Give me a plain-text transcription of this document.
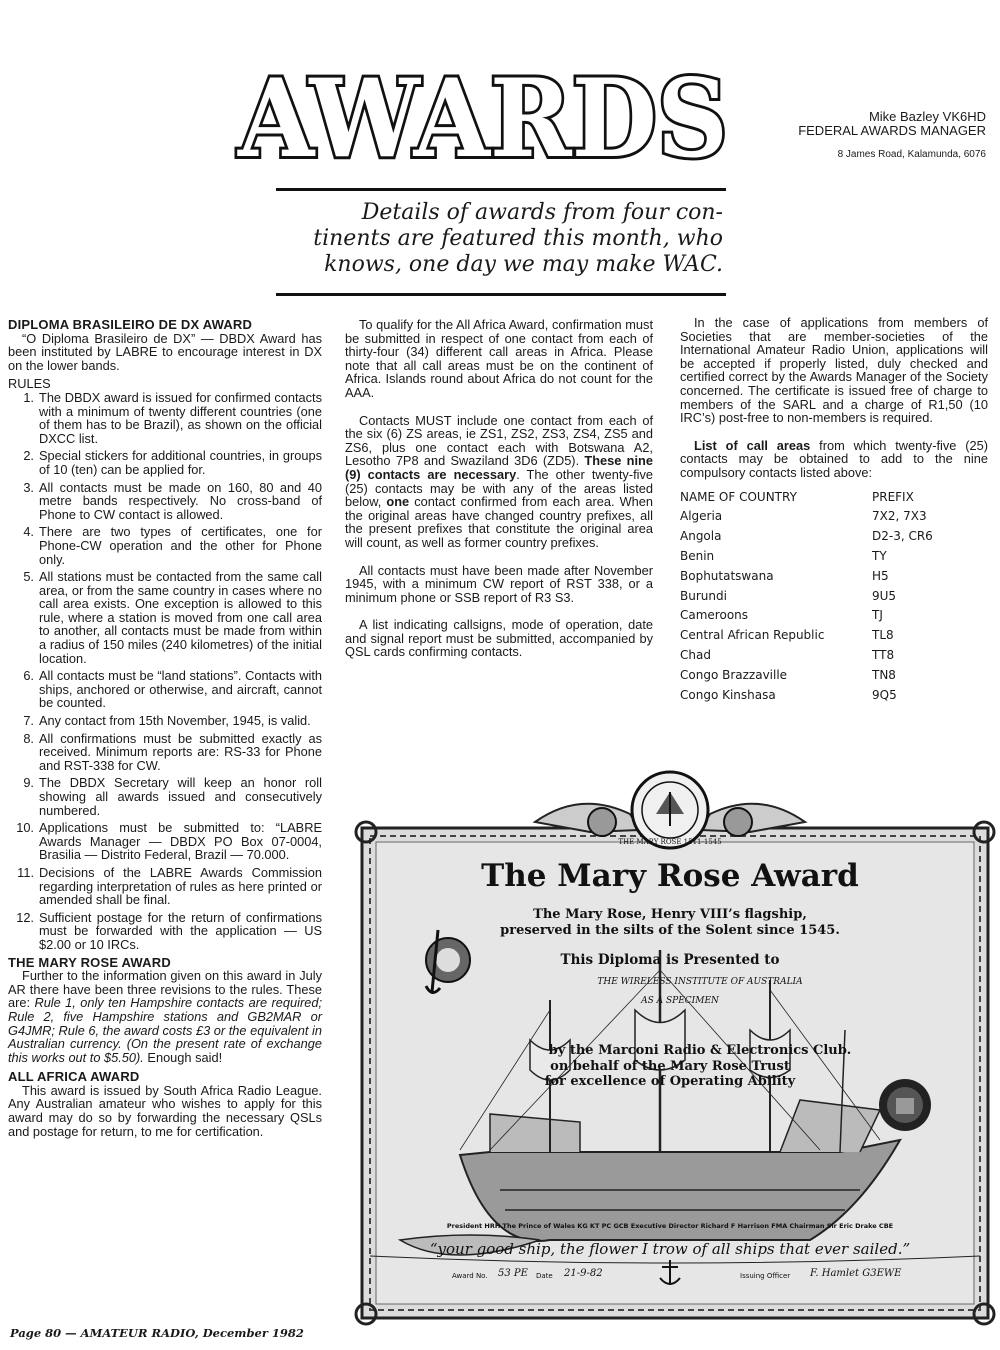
AWARDS	Mike Bazley VK6HD
FEDERAL AWARDS MANAGER
8 James Road, Kalamunda, 6076
Details of awards from four con-
tinents are featured this month, who
knows, one day we may make WAC.
DIPLOMA BRASILEIRO DE DX AWARD

“O Diploma Brasileiro de DX” — DBDX Award has been instituted by LABRE to encourage interest in DX on the lower bands.

RULES

1. The DBDX award is issued for confirmed contacts with a minimum of twenty different countries (one of them has to be Brazil), as shown on the official DXCC list.
2. Special stickers for additional countries, in groups of 10 (ten) can be applied for.
3. All contacts must be made on 160, 80 and 40 metre bands respectively. No cross-band of Phone to CW contact is allowed.
4. There are two types of certificates, one for Phone-CW operation and the other for Phone only.
5. All stations must be contacted from the same call area, or from the same country in cases where no call area exists. One exception is allowed to this rule, where a station is moved from one call area to another, all contacts must be made from within a radius of 150 miles (240 kilometres) of the initial location.
6. All contacts must be “land stations”. Contacts with ships, anchored or otherwise, and aircraft, cannot be counted.
7. Any contact from 15th November, 1945, is valid.
8. All confirmations must be submitted exactly as received. Minimum reports are: RS-33 for Phone and RST-338 for CW.
9. The DBDX Secretary will keep an honor roll showing all awards issued and consecutively numbered.
10. Applications must be submitted to: “LABRE Awards Manager — DBDX PO Box 07-0004, Brasilia — Distrito Federal, Brazil — 70.000.
11. Decisions of the LABRE Awards Commission regarding interpretation of rules as here printed or amended shall be final.
12. Sufficient postage for the return of confirmations must be forwarded with the application — US $2.00 or 10 IRCs.
THE MARY ROSE AWARD

Further to the information given on this award in July AR there have been three revisions to the rules. These are: Rule 1, only ten Hampshire contacts are required; Rule 2, five Hampshire stations and GB2MAR or G4JMR; Rule 6, the award costs £3 or the equivalent in Australian currency. (On the present rate of exchange this works out to $5.50). Enough said!

ALL AFRICA AWARD

This award is issued by South Africa Radio League. Any Australian amateur who wishes to apply for this award may do so by forwarding the necessary QSLs and postage for return, to me for certification.

To qualify for the All Africa Award, confirmation must be submitted in respect of one contact from each of thirty-four (34) different call areas in Africa. Please note that all call areas must be on the continent of Africa. Islands round about Africa do not count for the AAA.

Contacts MUST include one contact from each of the six (6) ZS areas, ie ZS1, ZS2, ZS3, ZS4, ZS5 and ZS6, plus one contact each with Botswana A2, Lesotho 7P8 and Swaziland 3D6 (ZD5). These nine (9) contacts are necessary. The other twenty-five (25) contacts may be with any of the areas listed below, one contact confirmed from each area. When the original areas have changed country prefixes, all the present prefixes that constitute the original area will count, as well as former country prefixes.

All contacts must have been made after November 1945, with a minimum CW report of RST 338, or a minimum phone or SSB report of R3 S3.

A list indicating callsigns, mode of operation, date and signal report must be submitted, accompanied by QSL cards confirming contacts.

In the case of applications from members of Societies that are member-societies of the International Amateur Radio Union, applications will be accepted if properly listed, duly checked and certified correct by the Awards Manager of the Society concerned. The certificate is issued free of charge to members of the SARL and a charge of R1,50 (10 IRC’s) post-free to non-members is required.

List of call areas from which twenty-five (25) contacts may be obtained to add to the nine compulsory contacts listed above:

NAME OF COUNTRY	PREFIX
Algeria	7X2, 7X3
Angola	D2-3, CR6
Benin	TY
Bophutatswana	H5
Burundi	9U5
Cameroons	TJ
Central African Republic	TL8
Chad	TT8
Congo Brazzaville	TN8
Congo Kinshasa	9Q5
THE MARY ROSE 1511-1545
The Mary Rose Award
The Mary Rose, Henry VIII’s flagship,
preserved in the silts of the Solent since 1545.
This Diploma is Presented to
THE WIRELESS INSTITUTE OF AUSTRALIA
AS A SPECIMEN
by the Marconi Radio & Electronics Club.
on behalf of the Mary Rose Trust
for excellence of Operating Ability
President HRH The Prince of Wales KG KT PC GCB Executive Director Richard F Harrison FMA Chairman Sir Eric Drake CBE
“your good ship, the flower I trow of all ships that ever sailed.”
Award No. 53 PE Date 21-9-82	Issuing Officer F. Hamlet G3EWE
Page 80 — AMATEUR RADIO, December 1982
